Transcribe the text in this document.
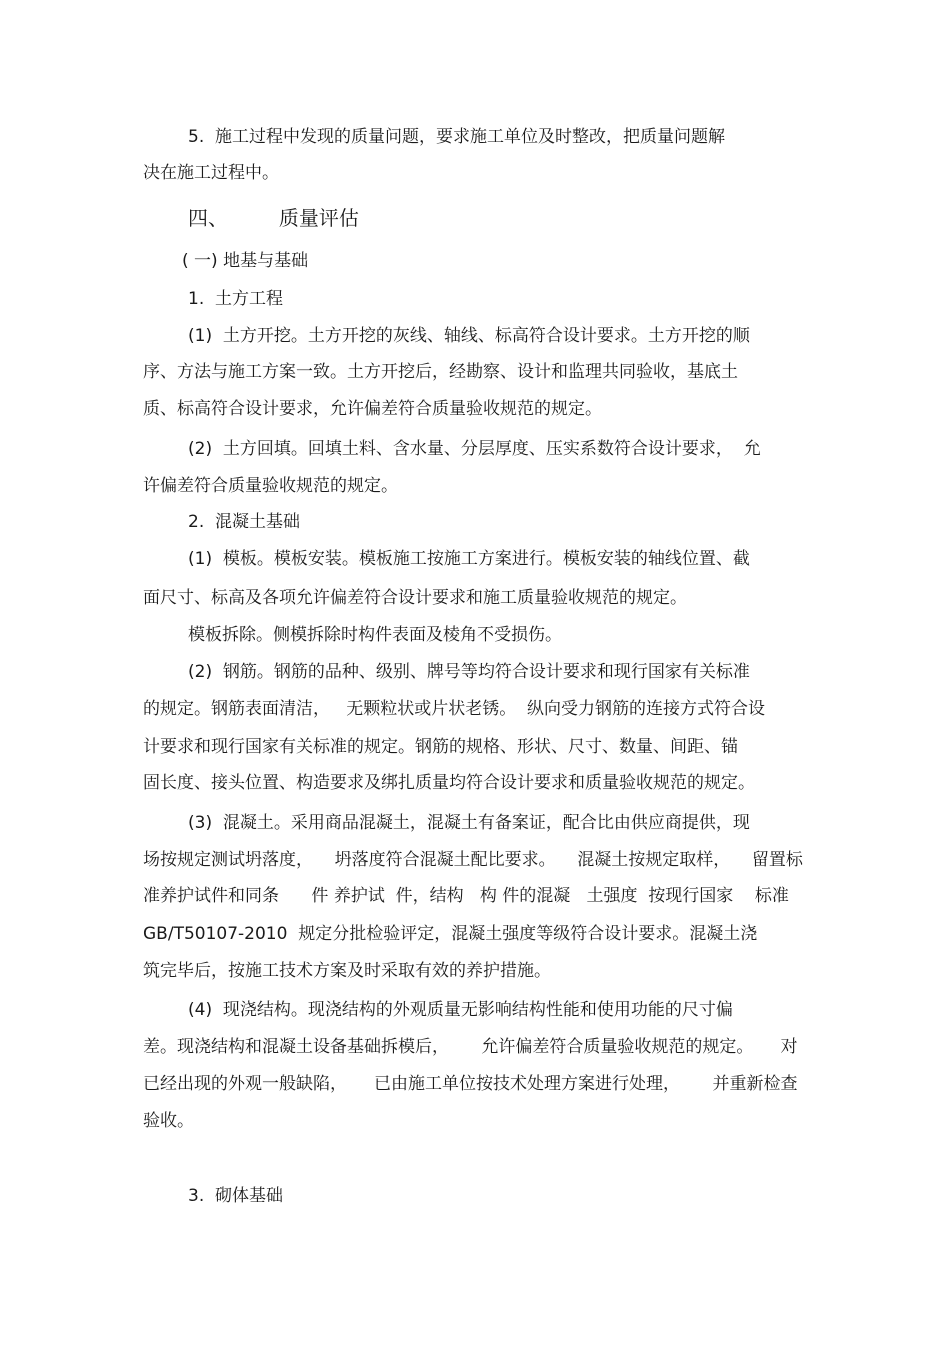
5.  施工过程中发现的质量问题，要求施工单位及时整改，把质量问题解
决在施工过程中。
四、        质量评估
( 一) 地基与基础
1.  土方工程
(1)  土方开挖。土方开挖的灰线、轴线、标高符合设计要求。土方开挖的顺
序、方法与施工方案一致。土方开挖后，经勘察、设计和监理共同验收，基底土
质、标高符合设计要求，允许偏差符合质量验收规范的规定。
(2)  土方回填。回填土料、含水量、分层厚度、压实系数符合设计要求，  允
许偏差符合质量验收规范的规定。
2.  混凝土基础
(1)  模板。模板安装。模板施工按施工方案进行。模板安装的轴线位置、截
面尺寸、标高及各项允许偏差符合设计要求和施工质量验收规范的规定。
模板拆除。侧模拆除时构件表面及棱角不受损伤。
(2)  钢筋。钢筋的品种、级别、牌号等均符合设计要求和现行国家有关标准
的规定。钢筋表面清洁，   无颗粒状或片状老锈。  纵向受力钢筋的连接方式符合设
计要求和现行国家有关标准的规定。钢筋的规格、形状、尺寸、数量、间距、锚
固长度、接头位置、构造要求及绑扎质量均符合设计要求和质量验收规范的规定。
(3)  混凝土。采用商品混凝土，混凝土有备案证，配合比由供应商提供，现
场按规定测试坍落度，    坍落度符合混凝土配比要求。    混凝土按规定取样，    留置标
准养护试件和同条      件 养护试  件，结构   构 件的混凝   土强度  按现行国家    标准
GB/T50107-2010  规定分批检验评定，混凝土强度等级符合设计要求。混凝土浇
筑完毕后，按施工技术方案及时采取有效的养护措施。
(4)  现浇结构。现浇结构的外观质量无影响结构性能和使用功能的尺寸偏
差。现浇结构和混凝土设备基础拆模后，      允许偏差符合质量验收规范的规定。     对
已经出现的外观一般缺陷，     已由施工单位按技术处理方案进行处理，      并重新检查
验收。
3.  砌体基础
